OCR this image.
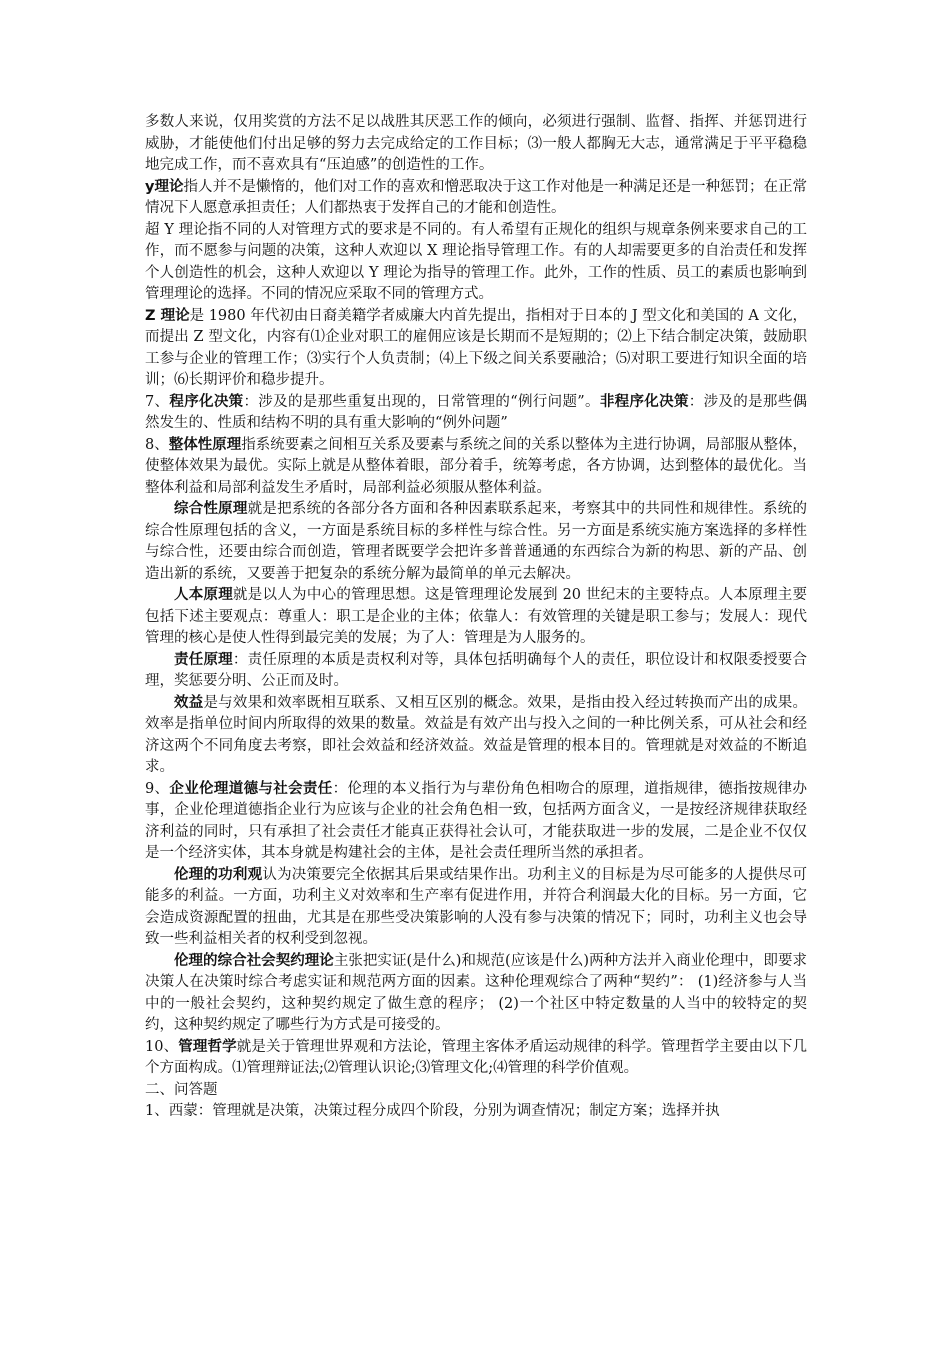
多数人来说，仅用奖赏的方法不足以战胜其厌恶工作的倾向，必须进行强制、监督、指挥、并惩罚进行威胁，才能使他们付出足够的努力去完成给定的工作目标；⑶一般人都胸无大志，通常满足于平平稳稳地完成工作，而不喜欢具有“压迫感”的创造性的工作。

y理论指人并不是懒惰的，他们对工作的喜欢和憎恶取决于这工作对他是一种满足还是一种惩罚；在正常情况下人愿意承担责任；人们都热衷于发挥自己的才能和创造性。

超 Y 理论指不同的人对管理方式的要求是不同的。有人希望有正规化的组织与规章条例来要求自己的工作，而不愿参与问题的决策，这种人欢迎以 X 理论指导管理工作。有的人却需要更多的自治责任和发挥个人创造性的机会，这种人欢迎以 Y 理论为指导的管理工作。此外，工作的性质、员工的素质也影响到管理理论的选择。不同的情况应采取不同的管理方式。

Z 理论是 1980 年代初由日裔美籍学者威廉大内首先提出，指相对于日本的 J 型文化和美国的 A 文化，而提出 Z 型文化，内容有⑴企业对职工的雇佣应该是长期而不是短期的；⑵上下结合制定决策，鼓励职工参与企业的管理工作；⑶实行个人负责制；⑷上下级之间关系要融洽；⑸对职工要进行知识全面的培训；⑹长期评价和稳步提升。

7、程序化决策：涉及的是那些重复出现的，日常管理的“例行问题”。非程序化决策：涉及的是那些偶然发生的、性质和结构不明的具有重大影响的“例外问题”

8、整体性原理指系统要素之间相互关系及要素与系统之间的关系以整体为主进行协调，局部服从整体，使整体效果为最优。实际上就是从整体着眼，部分着手，统筹考虑，各方协调，达到整体的最优化。当整体利益和局部利益发生矛盾时，局部利益必须服从整体利益。

综合性原理就是把系统的各部分各方面和各种因素联系起来，考察其中的共同性和规律性。系统的综合性原理包括的含义，一方面是系统目标的多样性与综合性。另一方面是系统实施方案选择的多样性与综合性，还要由综合而创造，管理者既要学会把许多普普通通的东西综合为新的构思、新的产品、创造出新的系统，又要善于把复杂的系统分解为最简单的单元去解决。

人本原理就是以人为中心的管理思想。这是管理理论发展到 20 世纪末的主要特点。人本原理主要包括下述主要观点：尊重人：职工是企业的主体；依靠人：有效管理的关键是职工参与；发展人：现代管理的核心是使人性得到最完美的发展；为了人：管理是为人服务的。

责任原理：责任原理的本质是责权利对等，具体包括明确每个人的责任，职位设计和权限委授要合理，奖惩要分明、公正而及时。

效益是与效果和效率既相互联系、又相互区别的概念。效果，是指由投入经过转换而产出的成果。效率是指单位时间内所取得的效果的数量。效益是有效产出与投入之间的一种比例关系，可从社会和经济这两个不同角度去考察，即社会效益和经济效益。效益是管理的根本目的。管理就是对效益的不断追求。

9、企业伦理道德与社会责任：伦理的本义指行为与辈份角色相吻合的原理，道指规律，德指按规律办事，企业伦理道德指企业行为应该与企业的社会角色相一致，包括两方面含义，一是按经济规律获取经济利益的同时，只有承担了社会责任才能真正获得社会认可，才能获取进一步的发展，二是企业不仅仅是一个经济实体，其本身就是构建社会的主体，是社会责任理所当然的承担者。

伦理的功利观认为决策要完全依据其后果或结果作出。功利主义的目标是为尽可能多的人提供尽可能多的利益。一方面，功利主义对效率和生产率有促进作用，并符合利润最大化的目标。另一方面，它会造成资源配置的扭曲，尤其是在那些受决策影响的人没有参与决策的情况下；同时，功利主义也会导致一些利益相关者的权利受到忽视。

伦理的综合社会契约理论主张把实证(是什么)和规范(应该是什么)两种方法并入商业伦理中，即要求决策人在决策时综合考虑实证和规范两方面的因素。这种伦理观综合了两种“契约”： (1)经济参与人当中的一般社会契约，这种契约规定了做生意的程序； (2)一个社区中特定数量的人当中的较特定的契约，这种契约规定了哪些行为方式是可接受的。

10、管理哲学就是关于管理世界观和方法论，管理主客体矛盾运动规律的科学。管理哲学主要由以下几个方面构成。⑴管理辩证法;⑵管理认识论;⑶管理文化;⑷管理的科学价值观。

二、问答题

1、西蒙：管理就是决策，决策过程分成四个阶段，分别为调查情况；制定方案；选择并执
